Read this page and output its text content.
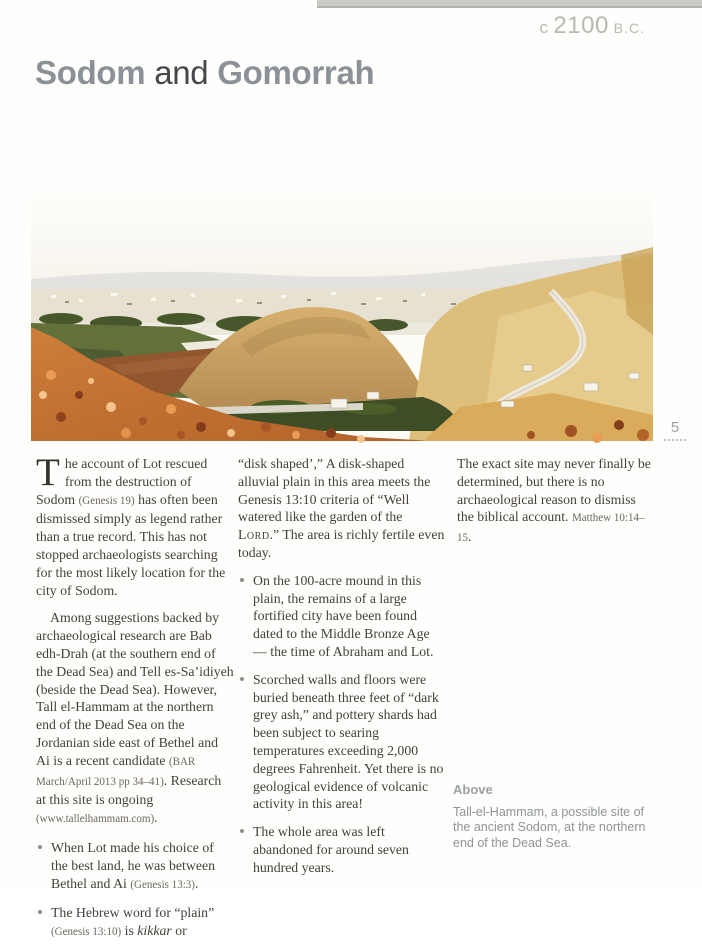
c 2100 B.C.
Sodom and Gomorrah
5
The account of Lot rescued from the destruction of Sodom (Genesis 19) has often been dismissed simply as legend rather than a true record. This has not stopped archaeologists searching for the most likely location for the city of Sodom.
Among suggestions backed by archaeological research are Bab edh-Drah (at the southern end of the Dead Sea) and Tell es-Sa’idiyeh (beside the Dead Sea). However, Tall el-Hammam at the northern end of the Dead Sea on the Jordanian side east of Bethel and Ai is a recent candidate (BAR March/April 2013 pp 34–41). Research at this site is ongoing (www.tallelhammam.com).
When Lot made his choice of the best land, he was between Bethel and Ai (Genesis 13:3).
The Hebrew word for “plain” (Genesis 13:10) is kikkar or
“disk shaped’,” A disk-shaped alluvial plain in this area meets the Genesis 13:10 criteria of “Well watered like the garden of the Lord.” The area is richly fertile even today.
On the 100-acre mound in this plain, the remains of a large fortified city have been found dated to the Middle Bronze Age — the time of Abraham and Lot.
Scorched walls and floors were buried beneath three feet of “dark grey ash,” and pottery shards had been subject to searing temperatures exceeding 2,000 degrees Fahrenheit. Yet there is no geological evidence of volcanic activity in this area!
The whole area was left abandoned for around seven hundred years.
The exact site may never finally be determined, but there is no archaeological reason to dismiss the biblical account. Matthew 10:14–15.
Above
Tall-el-Hammam, a possible site of the ancient Sodom, at the northern end of the Dead Sea.
